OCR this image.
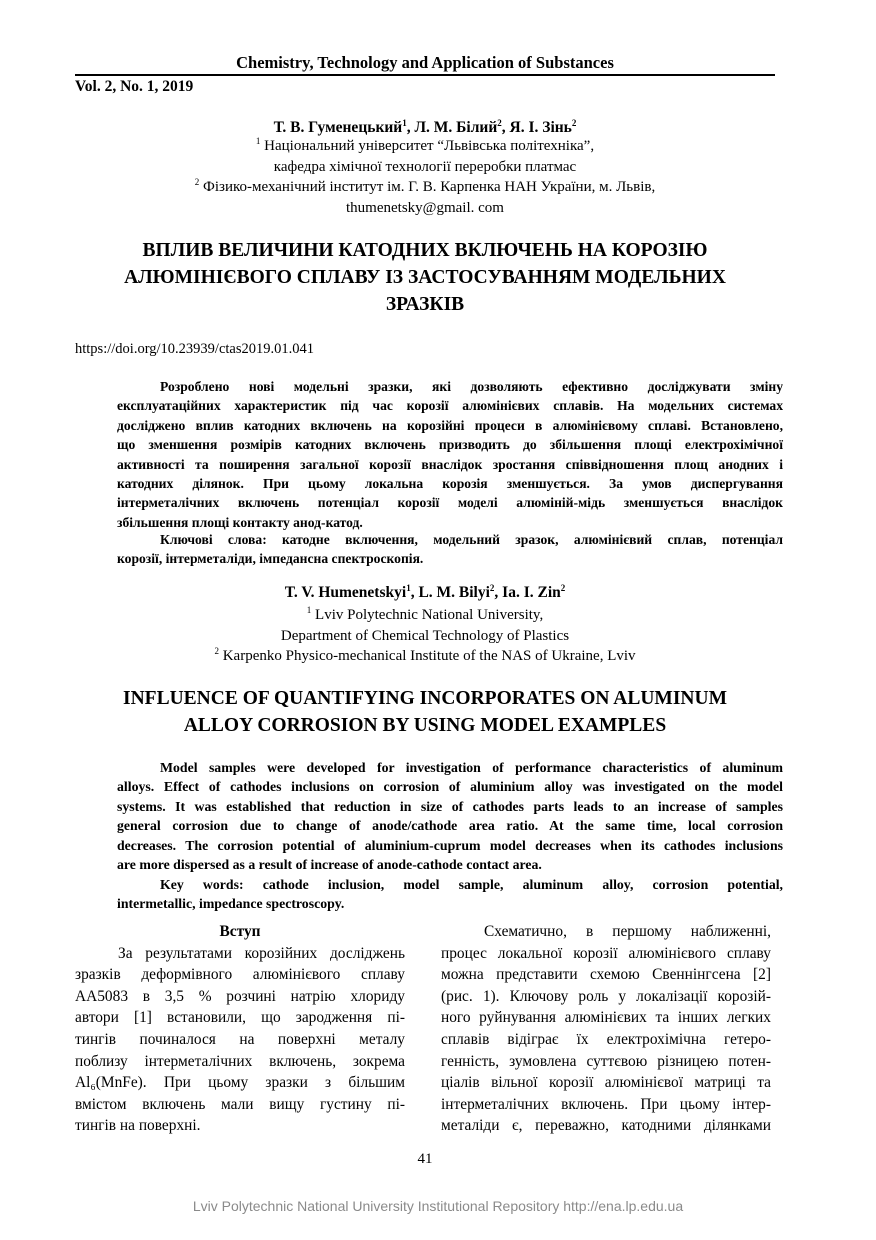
Chemistry, Technology and Application of Substances
Vol. 2, No. 1, 2019
Т. В. Гуменецький$^1$, Л. М. Білий$^2$, Я. І. Зінь$^2$
$^1$ Національний університет “Львівська політехніка”,
кафедра хімічної технології переробки платмас
$^2$ Фізико-механічний інститут ім. Г. В. Карпенка НАН України, м. Львів,
thumenetsky@gmail. com
ВПЛИВ ВЕЛИЧИНИ КАТОДНИХ ВКЛЮЧЕНЬ НА КОРОЗІЮ
АЛЮМІНІЄВОГО СПЛАВУ ІЗ ЗАСТОСУВАННЯМ МОДЕЛЬНИХ
ЗРАЗКІВ
https://doi.org/10.23939/ctas2019.01.041
Розроблено нові модельні зразки, які дозволяють ефективно досліджувати зміну
експлуатаційних характеристик під час корозії алюмінієвих сплавів. На модельних системах
досліджено вплив катодних включень на корозійні процеси в алюмінієвому сплаві. Встановлено,
що зменшення розмірів катодних включень призводить до збільшення площі електрохімічної
активності та поширення загальної корозії внаслідок зростання співвідношення площ анодних і
катодних ділянок. При цьому локальна корозія зменшується. За умов диспергування
інтерметалічних включень потенціал корозії моделі алюміній-мідь зменшується внаслідок
збільшення площі контакту анод-катод.
Ключові слова: катодне включення, модельний зразок, алюмінієвий сплав, потенціал
корозії, інтерметаліди, імпедансна спектроскопія.
T. V. Humenetskyi$^1$, L. M. Bilyi$^2$, Ia. I. Zin$^2$
$^1$ Lviv Polytechnic National University,
Department of Chemical Technology of Plastics
$^2$ Karpenko Physico-mechanical Institute of the NAS of Ukraine, Lviv
INFLUENCE OF QUANTIFYING INCORPORATES ON ALUMINUM
ALLOY CORROSION BY USING MODEL EXAMPLES
Model samples were developed for investigation of performance characteristics of aluminum
alloys. Effect of cathodes inclusions on corrosion of aluminium alloy was investigated on the model
systems. It was established that reduction in size of cathodes parts leads to an increase of samples
general corrosion due to change of anode/cathode area ratio. At the same time, local corrosion
decreases. The corrosion potential of aluminium-cuprum model decreases when its cathodes inclusions
are more dispersed as a result of increase of anode-cathode contact area.
Key words: cathode inclusion, model sample, aluminum alloy, corrosion potential,
intermetallic, impedance spectroscopy.
Вступ
За результатами корозійних досліджень
зразків деформівного алюмінієвого сплаву
АА5083 в 3,5 % розчині натрію хлориду
автори [1] встановили, що зародження пі-
тингів починалося на поверхні металу
поблизу інтерметалічних включень, зокрема
Al₆(MnFe). При цьому зразки з більшим
вмістом включень мали вищу густину пі-
тингів на поверхні.
Схематично, в першому наближенні,
процес локальної корозії алюмінієвого сплаву
можна представити схемою Свеннінгсена [2]
(рис. 1). Ключову роль у локалізації корозій-
ного руйнування алюмінієвих та інших легких
сплавів відіграє їх електрохімічна гетеро-
генність, зумовлена суттєвою різницею потен-
ціалів вільної корозії алюмінієвої матриці та
інтерметалічних включень. При цьому інтер-
металіди є, переважно, катодними ділянками
41
Lviv Polytechnic National University Institutional Repository http://ena.lp.edu.ua
